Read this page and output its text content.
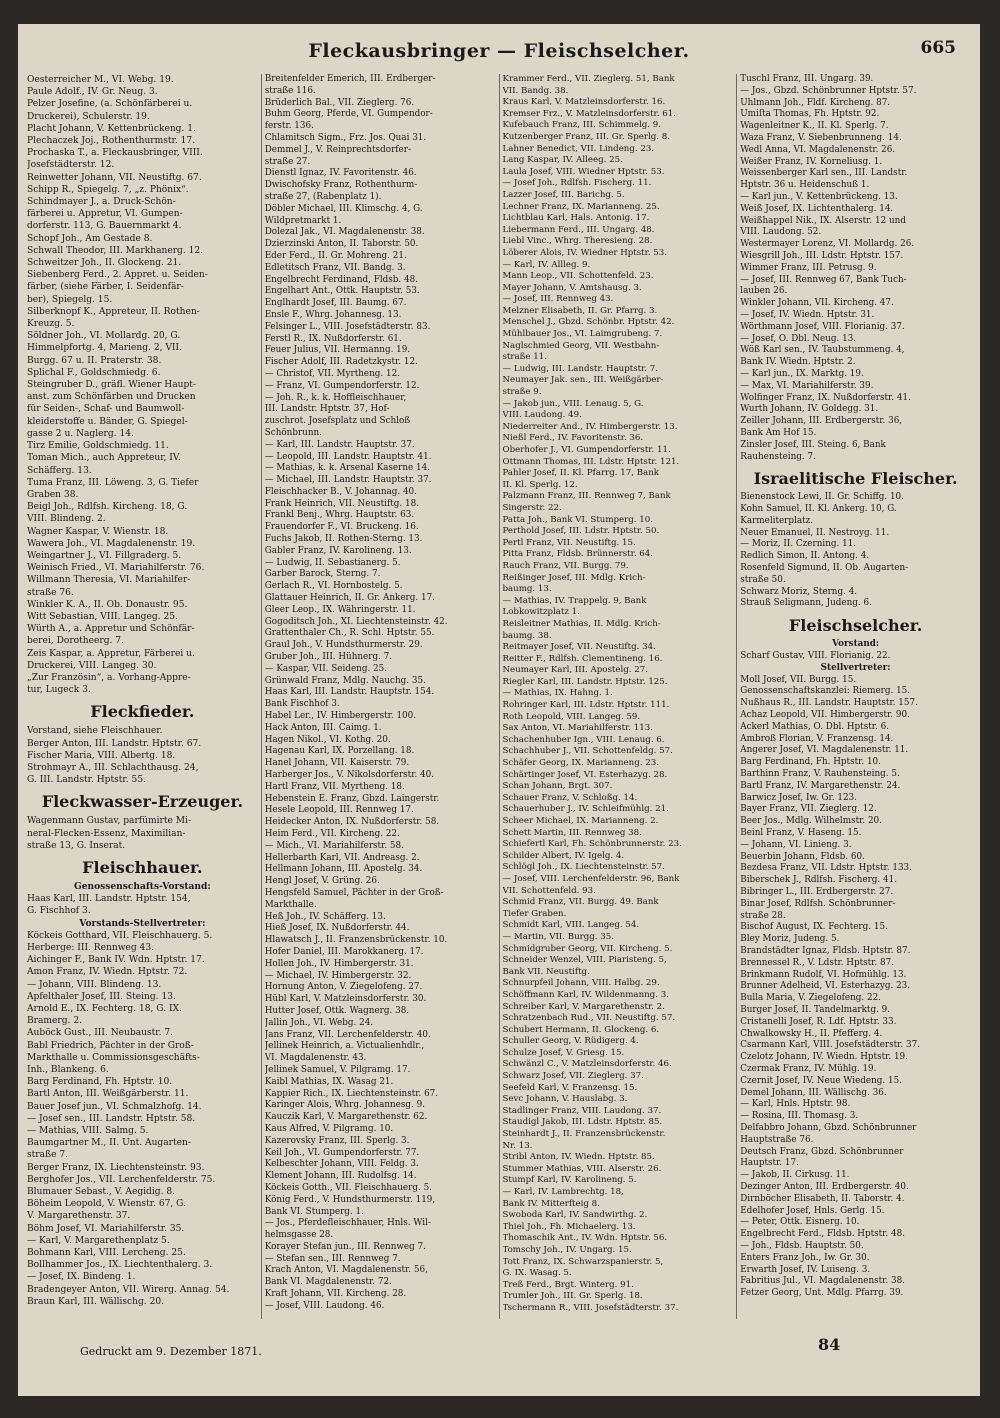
Fleckausbringer — Fleischselcher.	665
Oesterreicher M., VI. Webg. 19.
Paule Adolf., IV. Gr. Neug. 3.
Pelzer Josefine, (a. Schönfärberei u.
Druckerei), Schulerstr. 19.
Placht Johann, V. Kettenbrückeng. 1.
Plechaczek Joj., Rothenthurmstr. 17.
Prochaska T., a. Fleckausbringer, VIII.
Josefstädterstr. 12.
Reinwetter Johann, VII. Neustiftg. 67.
Schipp R., Spiegelg. 7, „z. Phönix“.
Schindmayer J., a. Druck-Schön-
färberei u. Appretur, VI. Gumpen-
dorferstr. 113, G. Bauernmarkt 4.
Schopf Joh., Am Gestade 8.
Schwall Theodor, III. Markhanerg. 12.
Schweitzer Joh., II. Glockeng. 21.
Siebenberg Ferd., 2. Appret. u. Seiden-
färber, (siehe Färber, I. Seidenfär-
ber), Spiegelg. 15.
Silberknopf K., Appreteur, II. Rothen-
Kreuzg. 5.
Söldner Joh., VI. Mollardg. 20, G.
Himmelpfortg. 4, Marieng. 2, VII.
Burgg. 67 u. II. Praterstr. 38.
Splichal F., Goldschmiedg. 6.
Steingruber D., gräfl. Wiener Haupt-
anst. zum Schönfärben und Drucken
für Seiden-, Schaf- und Baumwoll-
kleiderstoffe u. Bänder, G. Spiegel-
gasse 2 u. Naglerg. 14.
Tirz Emilie, Goldschmiedg. 11.
Toman Mich., auch Appreteur, IV.
Schäfferg. 13.
Tuma Franz, III. Löweng. 3, G. Tiefer
Graben 38.
Beigl Joh., Rdlfsh. Kircheng. 18, G.
VIII. Blindeng. 2.
Wagner Kaspar, V. Wienstr. 18.
Wawera Joh., VI. Magdalenenstr. 19.
Weingartner J., VI. Fillgraderg. 5.
Weinisch Fried., VI. Mariahilferstr. 76.
Willmann Theresia, VI. Mariahilfer-
straße 76.
Winkler K. A., II. Ob. Donaustr. 95.
Witt Sebastian, VIII. Langeg. 25.
Würth A., a. Appretur und Schönfär-
berei, Dorotheerg. 7.
Zeis Kaspar, a. Appretur, Färberei u.
Druckerei, VIII. Langeg. 30.
„Zur Französin“, a. Vorhang-Appre-
tur, Lugeck 3.
Fleckfieder.
Vorstand, siehe Fleischhauer.
Berger Anton, III. Landstr. Hptstr. 67.
Fischer Maria, VIII. Albertg. 18.
Strohmayr A., III. Schlachthausg. 24,
G. III. Landstr. Hptstr. 55.
Fleckwasser-Erzeuger.
Wagenmann Gustav, parfümirte Mi-
neral-Flecken-Essenz, Maximilian-
straße 13, G. Inserat.
Fleischhauer.
Genossenschafts-Vorstand:
Haas Karl, III. Landstr. Hptstr. 154,
G. Fischhof 3.
Vorstands-Stellvertreter:
Köckeis Gotthard, VII. Fleischhauerg. 5.
Herberge: III. Rennweg 43.
Aichinger F., Bank IV. Wdn. Hptstr. 17.
Amon Franz, IV. Wiedn. Hptstr. 72.
— Johann, VIII. Blindeng. 13.
Apfelthaler Josef, III. Steing. 13.
Arnold E., IX. Fechterg. 18, G. IX.
Bramerg. 2.
Auböck Gust., III. Neubaustr. 7.
Babl Friedrich, Pächter in der Groß-
Markthalle u. Commissionsgeschäfts-
Inh., Blankeng. 6.
Barg Ferdinand, Fh. Hptstr. 10.
Bartl Anton, III. Weißgärberstr. 11.
Bauer Josef jun., VI. Schmalzhofg. 14.
— Josef sen., III. Landstr. Hptstr. 58.
— Mathias, VIII. Salmg. 5.
Baumgartner M., II. Unt. Augarten-
straße 7.
Berger Franz, IX. Liechtensteinstr. 93.
Berghofer Jos., VII. Lerchenfelderstr. 75.
Blumauer Sebast., V. Aegidig. 8.
Böheim Leopold, V. Wienstr. 67, G.
V. Margarethenstr. 37.
Böhm Josef, VI. Mariahilferstr. 35.
— Karl, V. Margarethenplatz 5.
Bohmann Karl, VIII. Lercheng. 25.
Bollhammer Jos., IX. Liechtenthalerg. 3.
— Josef, IX. Bindeng. 1.
Bradengeyer Anton, VII. Wirerg. Annag. 54.
Braun Karl, III. Wällischg. 20.
Breitenfelder Emerich, III. Erdberger-
straße 116.
Brüderlich Bal., VII. Zieglerg. 76.
Buhm Georg, Pferde, VI. Gumpendor-
ferstr. 136.
Chlamitsch Sigm., Frz. Jos. Quai 31.
Demmel J., V. Reinprechtsdorfer-
straße 27.
Dienstl Ignaz, IV. Favoritenstr. 46.
Dwischofsky Franz, Rothenthurm-
straße 27, (Rabenplatz 1).
Döbler Michael, III. Klimschg. 4, G.
Wildpretmarkt 1.
Dolezal Jak., VI. Magdalenenstr. 38.
Dzierzinski Anton, II. Taborstr. 50.
Eder Ferd., II. Gr. Mohreng. 21.
Edletitsch Franz, VII. Bandg. 3.
Engelbrecht Ferdinand, Fldsb. 48.
Engelhart Ant., Ottk. Hauptstr. 53.
Englhardt Josef, III. Baumg. 67.
Ensle F., Whrg. Johannesg. 13.
Felsinger L., VIII. Josefstädterstr. 83.
Ferstl R., IX. Nußdorferstr. 61.
Feuer Julius, VII. Hermanng. 19.
Fischer Adolf, III. Radetzkystr. 12.
— Christof, VII. Myrtheng. 12.
— Franz, VI. Gumpendorferstr. 12.
— Joh. R., k. k. Hoffleischhauer,
III. Landstr. Hptstr. 37, Hof-
zuschrot. Josefsplatz und Schloß
Schönbrunn.
— Karl, III. Landstr. Hauptstr. 37.
— Leopold, III. Landstr. Hauptstr. 41.
— Mathias, k. k. Arsenal Kaserne 14.
— Michael, III. Landstr. Hauptstr. 37.
Fleischhacker B., V. Johannag. 40.
Frank Heinrich, VII. Neustiftg. 18.
Frankl Benj., Whrg. Hauptstr. 63.
Frauendorfer F., VI. Bruckeng. 16.
Fuchs Jakob, II. Rothen-Sterng. 13.
Gabler Franz, IV. Karolineng. 13.
— Ludwig, II. Sebastianerg. 5.
Garber Barock, Sterng. 7.
Gerlach R., VI. Hornbostelg. 5.
Glattauer Heinrich, II. Gr. Ankerg. 17.
Gleer Leop., IX. Währingerstr. 11.
Gogoditsch Joh., XI. Liechtensteinstr. 42.
Grattenthaler Ch., R. Schl. Hptstr. 55.
Graul Joh., V. Hundsthurmerstr. 29.
Gruber Joh., III. Hühnerg. 7.
— Kaspar, VII. Seideng. 25.
Grünwald Franz, Mdlg. Nauchg. 35.
Haas Karl, III. Landstr. Hauptstr. 154.
Bank Fischhof 3.
Habel Ler., IV. Himbergerstr. 100.
Hack Anton, III. Caimg. 1.
Hagen Nikol., VI. Kothg. 20.
Hagenau Karl, IX. Porzellang. 18.
Hanel Johann, VII. Kaiserstr. 79.
Harberger Jos., V. Nikolsdorferstr. 40.
Hartl Franz, VII. Myrtheng. 18.
Hebenstein E. Franz, Gbzd. Laingerstr.
Hesele Leopold, III. Rennweg 17.
Heidecker Anton, IX. Nußdorferstr. 58.
Heim Ferd., VII. Kircheng. 22.
— Mich., VI. Mariahilferstr. 58.
Hellerbarth Karl, VII. Andreasg. 2.
Hellmann Johann, III. Apostelg. 34.
Hengl Josef, V. Grüng. 26.
Hengsfeld Samuel, Pächter in der Groß-
Markthalle.
Heß Joh., IV. Schäfferg. 13.
Hieß Josef, IX. Nußdorferstr. 44.
Hlawatsch J., II. Franzensbrückenstr. 10.
Hofer Daniel, III. Marokkanerg. 17.
Hollen Joh., IV. Himbergerstr. 31.
— Michael, IV. Himbergerstr. 32.
Hornung Anton, V. Ziegelofeng. 27.
Hübl Karl, V. Matzleinsdorferstr. 30.
Hutter Josef, Ottk. Wagnerg. 38.
Jallin Joh., VI. Webg. 24.
Jans Franz, VII. Lerchenfelderstr. 40.
Jellinek Heinrich, a. Victualienhdlr.,
VI. Magdalenenstr. 43.
Jellinek Samuel, V. Pilgramg. 17.
Kaibl Mathias, IX. Wasag 21.
Kappier Rich., IX. Liechtensteinstr. 67.
Karinger Alois, Whrg. Johannesg. 9.
Kauczik Karl, V. Margarethenstr. 62.
Kaus Alfred, V. Pilgramg. 10.
Kazerovsky Franz, III. Sperlg. 3.
Keil Joh., VI. Gumpendorferstr. 77.
Kelbeschter Johann, VIII. Feldg. 3.
Klement Johann, III. Rudolfsg. 14.
Köckeis Gotth., VII. Fleischhauerg. 5.
König Ferd., V. Hundsthurmerstr. 119,
Bank VI. Stumperg. 1.
— Jos., Pferdefleischhauer, Hnls. Wil-
helmsgasse 28.
Korayer Stefan jun., III. Rennweg 7.
— Stefan sen., III. Rennweg 7.
Krach Anton, VI. Magdalenenstr. 56,
Bank VI. Magdalenenstr. 72.
Kraft Johann, VII. Kircheng. 28.
— Josef, VIII. Laudong. 46.
Krammer Ferd., VII. Zieglerg. 51, Bank
VII. Bandg. 38.
Kraus Karl, V. Matzleinsdorferstr. 16.
Kremser Frz., V. Matzleinsdorferstr. 61.
Kufebauch Franz, III. Schimmelg. 9.
Kutzenberger Franz, III. Gr. Sperlg. 8.
Lahner Benedict, VII. Lindeng. 23.
Lang Kaspar, IV. Alleeg. 25.
Laula Josef, VIII. Wiedner Hptstr. 53.
— Josef Joh., Rdlfsh. Fischerg. 11.
Lazzer Josef, III. Barichg. 5.
Lechner Franz, IX. Marianneng. 25.
Lichtblau Karl, Hals. Antonig. 17.
Liebermann Ferd., III. Ungarg. 48.
Liebl Vinc., Whrg. Theresieng. 28.
Löberer Alois, IV. Wiedner Hptstr. 53.
— Karl, IV. Allleg. 9.
Mann Leop., VII. Schottenfeld. 23.
Mayer Johann, V. Amtshausg. 3.
— Josef, III. Rennweg 43.
Melzner Elisabeth, II. Gr. Pfarrg. 3.
Menschel J., Gbzd. Schönbr. Hptstr. 42.
Mühlbauer Jos., VI. Laimgrubeng. 7.
Naglschmied Georg, VII. Westbahn-
straße 11.
— Ludwig, III. Landstr. Hauptstr. 7.
Neumayer Jak. sen., III. Weißgärber-
straße 9.
— Jakob jun., VIII. Lenaug. 5, G.
VIII. Laudong. 49.
Niederreiter And., IV. Himbergerstr. 13.
Nießl Ferd., IV. Favoritenstr. 36.
Oberhofer J., VI. Gumpendorferstr. 11.
Ottmann Thomas, III. Ldstr. Hptstr. 121.
Pahler Josef, II. Kl. Pfarrg. 17, Bank
II. Kl. Sperlg. 12.
Palzmann Franz, III. Rennweg 7, Bank
Singerstr. 22.
Patta Joh., Bank VI. Stumperg. 10.
Perthold Josef, III. Ldstr. Hptstr. 50.
Pertl Franz, VII. Neustiftg. 15.
Pitta Franz, Fldsb. Brünnerstr. 64.
Rauch Franz, VII. Burgg. 79.
Reißinger Josef, III. Mdlg. Krich-
baumg. 13.
— Mathias, IV. Trappelg. 9, Bank
Lobkowitzplatz 1.
Reisleitner Mathias, II. Mdlg. Krich-
baumg. 38.
Reitmayer Josef, VII. Neustiftg. 34.
Reitter F., Rdlfsh. Clementineng. 16.
Neumayer Karl, III. Apostelg. 27.
Riegler Karl, III. Landstr. Hptstr. 125.
— Mathias, IX. Hahng. 1.
Rohringer Karl, III. Ldstr. Hptstr. 111.
Roth Leopold, VIII. Langeg. 59.
Sax Anton, VI. Mariahilferstr. 113.
Schachenhuber Ign., VIII. Lenaug. 6.
Schachhuber J., VII. Schottenfeldg. 57.
Schäfer Georg, IX. Marianneng. 23.
Schärtinger Josef, VI. Esterhazyg. 28.
Schan Johann, Brgt. 307.
Schauer Franz, V. Schloßg. 14.
Schauerhuber J., IV. Schleifmühlg. 21.
Scheer Michael, IX. Marianneng. 2.
Schett Martin, III. Rennweg 38.
Schiefertl Karl, Fh. Schönbrunnerstr. 23.
Schilder Albert, IV. Igelg. 4.
Schlögl Joh., IX. Liechtensteinstr. 57.
— Josef, VIII. Lerchenfelderstr. 96, Bank
VII. Schottenfeld. 93.
Schmid Franz, VII. Burgg. 49. Bank
Tiefer Graben.
Schmidt Karl, VIII. Langeg. 54.
— Martin, VII. Burgg. 35.
Schmidgruber Georg, VII. Kircheng. 5.
Schneider Wenzel, VIII. Piaristeng. 5,
Bank VII. Neustiftg.
Schnurpfeil Johann, VIII. Halbg. 29.
Schöffmann Karl, IV. Wildenmanng. 3.
Schreiber Karl, V. Margarethenstr. 2.
Schratzenbach Rud., VII. Neustiftg. 57.
Schubert Hermann, II. Glockeng. 6.
Schuller Georg, V. Rüdigerg. 4.
Schulze Josef, V. Griesg. 15.
Schwänzl C., V. Matzleinsdorferstr. 46.
Schwarz Josef, VII. Zieglerg. 37.
Seefeld Karl, V. Franzensg. 15.
Sevc Johann, V. Hauslabg. 3.
Stadlinger Franz, VIII. Laudong. 37.
Staudigl Jakob, III. Ldstr. Hptstr. 85.
Steinhardt J., II. Franzensbrückenstr.
Nr. 13.
Stribl Anton, IV. Wiedn. Hptstr. 85.
Stummer Mathias, VIII. Alserstr. 26.
Stumpf Karl, IV. Karolineng. 5.
— Karl, IV. Lambrechtg. 18,
Bank IV. Mitterfteig 8.
Swoboda Karl, IV. Sandwirthg. 2.
Thiel Joh., Fh. Michaelerg. 13.
Thomaschik Ant., IV. Wdn. Hptstr. 56.
Tomschy Joh., IV. Ungarg. 15.
Tott Franz, IX. Schwarzspanierstr. 5,
G. IX. Wasag. 5.
Treß Ferd., Brgt. Winterg. 91.
Trumler Joh., III. Gr. Sperlg. 18.
Tschermann R., VIII. Josefstädterstr. 37.
Tuschl Franz, III. Ungarg. 39.
— Jos., Gbzd. Schönbrunner Hptstr. 57.
Uhlmann Joh., Fldf. Kircheng. 87.
Umiſta Thomas, Fh. Hptstr. 92.
Wagenleitner K., II. Kl. Sperlg. 7.
Waza Franz, V. Siebenbrunneng. 14.
Wedl Anna, VI. Magdalenenstr. 26.
Weißer Franz, IV. Korneliusg. 1.
Weissenberger Karl sen., III. Landstr.
Hptstr. 36 u. Heidenschuß 1.
— Karl jun., V. Kettenbrückeng. 13.
Weiß Josef, IX. Lichtenthalerg. 14.
Weißhappel Nik., IX. Alserstr. 12 und
VIII. Laudong. 52.
Westermayer Lorenz, VI. Mollardg. 26.
Wiesgrill Joh., III. Ldstr. Hptstr. 157.
Wimmer Franz, III. Petrusg. 9.
— Josef, III. Rennweg 67, Bank Tuch-
lauben 26.
Winkler Johann, VII. Kircheng. 47.
— Josef, IV. Wiedn. Hptstr. 31.
Wörthmann Josef, VIII. Florianig. 37.
— Josef, O. Dbl. Neug. 13.
Wöß Karl sen., IV. Taubstummeng. 4,
Bank IV. Wiedn. Hptstr. 2.
— Karl jun., IX. Marktg. 19.
— Max, VI. Mariahilferstr. 39.
Wolfinger Franz, IX. Nußdorferstr. 41.
Wurth Johann, IV. Goldegg. 31.
Zeiller Johann, III. Erdbergerstr. 36,
Bank Am Hof 15.
Zinsler Josef, III. Steing. 6, Bank
Rauhensteing. 7.
Israelitische Fleischer.
Bienenstock Lewi, II. Gr. Schiffg. 10.
Kohn Samuel, II. Kl. Ankerg. 10, G.
Karmeliterplatz.
Neuer Emanuel, II. Nestroyg. 11.
— Moriz, II. Czerning. 11.
Redlich Simon, II. Antong. 4.
Rosenfeld Sigmund, II. Ob. Augarten-
straße 50.
Schwarz Moriz, Sterng. 4.
Strauß Seligmann, Judeng. 6.
Fleischselcher.
Vorstand:
Scharf Gustav, VIII. Florianig. 22.
Stellvertreter:
Moll Josef, VII. Burgg. 15.
Genossenschaftskanzlei: Riemerg. 15.
Nußhaus R., III. Landstr. Hauptstr. 157.
Achaz Leopold, VII. Himbergerstr. 90.
Ackerl Mathias, O. Dbl. Hptstr. 6.
Ambroß Florian, V. Franzensg. 14.
Angerer Josef, VI. Magdalenenstr. 11.
Barg Ferdinand, Fh. Hptstr. 10.
Barthinn Franz, V. Rauhensteing. 5.
Bartl Franz, IV. Margarethenstr. 24.
Barwicz Josef, Iw. Gr. 123.
Bayer Franz, VII. Zieglerg. 12.
Beer Jos., Mdlg. Wilhelmstr. 20.
Beinl Franz, V. Haseng. 15.
— Johann, VI. Linieng. 3.
Beuerbin Johann, Fldsb. 60.
Bezdesa Franz, VII. Ldstr. Hptstr. 133.
Biberschek J., Rdlfsh. Fischerg. 41.
Bibringer L., III. Erdbergerstr. 27.
Binar Josef, Rdlfsh. Schönbrunner-
straße 28.
Bischof August, IX. Fechterg. 15.
Bley Moriz, Judeng. 5.
Brandstädter Ignaz, Fldsb. Hptstr. 87.
Brennessel R., V. Ldstr. Hptstr. 87.
Brinkmann Rudolf, VI. Hofmühlg. 13.
Brunner Adelheid, VI. Esterhazyg. 23.
Bulla Maria, V. Ziegelofeng. 22.
Burger Josef, II. Tandelmarktg. 9.
Cristanelli Josef, R. Ldf. Hptstr. 33.
Chwalkowsky H., II. Pfefferg. 4.
Csarmann Karl, VIII. Josefstädterstr. 37.
Czelotz Johann, IV. Wiedn. Hptstr. 19.
Czermak Franz, IV. Mühlg. 19.
Czernit Josef, IV. Neue Wiedeng. 15.
Demel Johann, III. Wällischg. 36.
— Karl, Hnls. Hptstr. 98.
— Rosina, III. Thomasg. 3.
Delfabbro Johann, Gbzd. Schönbrunner
Hauptstraße 76.
Deutsch Franz, Gbzd. Schönbrunner
Hauptstr. 17.
— Jakob, II. Cirkusg. 11.
Dezinger Anton, III. Erdbergerstr. 40.
Dirnböcher Elisabeth, II. Taborstr. 4.
Edelhofer Josef, Hnls. Gerlg. 15.
— Peter, Ottk. Eisnerg. 10.
Engelbrecht Ferd., Fldsb. Hptstr. 48.
— Joh., Fldsb. Hauptstr. 50.
Enters Franz Joh., Iw. Gr. 30.
Erwarth Josef, IV. Luiseng. 3.
Fabritius Jul., VI. Magdalenenstr. 38.
Fetzer Georg, Unt. Mdlg. Pfarrg. 39.
Gedruckt am 9. Dezember 1871.	84
